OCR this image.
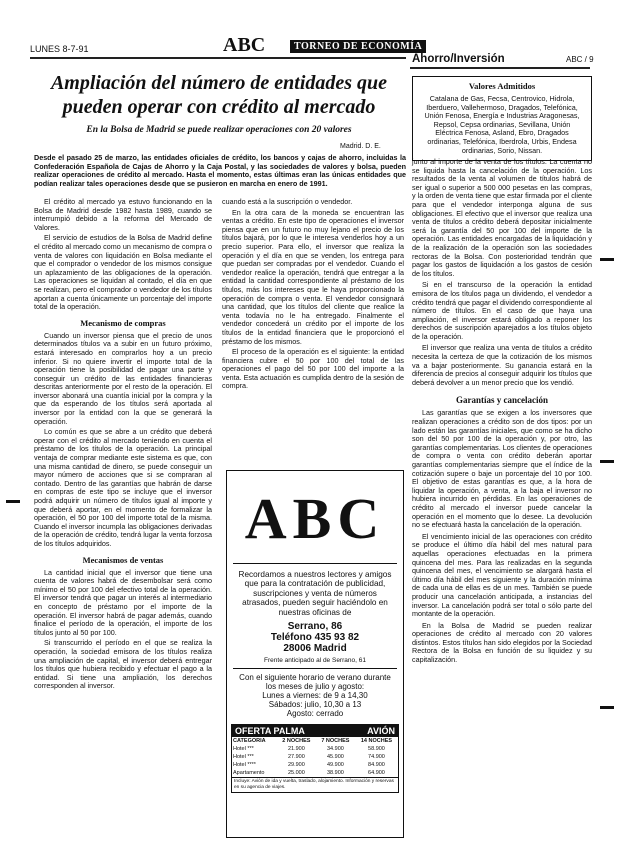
LUNES 8-7-91	ABC	TORNEO DE ECONOMÍA
Ahorro/Inversión	ABC / 9
Ampliación del número de entidades que
pueden operar con crédito al mercado
En la Bolsa de Madrid se puede realizar operaciones con 20 valores
Madrid. D. E.

Desde el pasado 25 de marzo, las entidades oficiales de crédito, los bancos y cajas de ahorro, incluidas la Confederación Española de Cajas de Ahorro y la Caja Postal, y las sociedades de valores y bolsa, pueden realizar operaciones de crédito al mercado. Hasta el momento, estas últimas eran las únicas entidades que podían realizar tales operaciones desde que se pusieron en marcha en enero de 1991.

El crédito al mercado ya estuvo funcionando en la Bolsa de Madrid desde 1982 hasta 1989, cuando se interrumpió debido a la reforma del Mercado de Valores.

El servicio de estudios de la Bolsa de Madrid define el crédito al mercado como un mecanismo de compra o venta de valores con liquidación en Bolsa mediante el que el comprador o vendedor de los mismos consigue un aplazamiento de las obligaciones de la operación. Las operaciones se liquidan al contado, el día en que se realizan, pero el comprador o vendedor de los títulos aportan a cuenta únicamente un porcentaje del importe total de la operación.

Mecanismo de compras

Cuando un inversor piensa que el precio de unos determinados títulos va a subir en un futuro próximo, estará interesado en comprarlos hoy a un precio inferior. Si no quiere invertir el importe total de la operación tiene la posibilidad de pagar una parte y conseguir un crédito de las entidades financieras descritas anteriormente por el resto de la operación. El inversor abonará una cuantía inicial por la compra y la que da esperando de los títulos será aportada al inversor por la entidad con la que se generará la operación.

Lo común es que se abre a un crédito que deberá operar con el crédito al mercado teniendo en cuenta el préstamo de los títulos de la operación. La principal ventaja de comprar mediante este sistema es que, con una misma cantidad de dinero, se puede conseguir un mayor número de acciones que si se compraran al contado. Dentro de las garantías que habrán de darse en compras de este tipo se incluye que el inversor podrá adquirir un número de títulos igual al importe y que deberá aportar, en el momento de formalizar la operación, el 50 por 100 del importe total de la misma. Cuando el inversor incumpla las obligaciones derivadas de la operación de crédito, tendrá lugar la venta forzosa de los títulos adquiridos.

Mecanismos de ventas

La cantidad inicial que el inversor que tiene una cuenta de valores habrá de desembolsar será como mínimo el 50 por 100 del efectivo total de la operación. El inversor tendrá que pagar un interés al intermediario en concepto de préstamo por el importe de la operación. El inversor habrá de pagar además, cuando finalice el período de la operación, el importe de los títulos junto al 50 por 100.

Si transcurrido el período en el que se realiza la operación, la sociedad emisora de los títulos realiza una ampliación de capital, el inversor deberá entregar los títulos que hubiera recibido y efectuar el pago a la entidad. Si tiene una ampliación, los derechos corresponden al inversor.

cuando está a la suscripción o vendedor.

En la otra cara de la moneda se encuentran las ventas a crédito. En este tipo de operaciones el inversor piensa que en un futuro no muy lejano el precio de los títulos bajará, por lo que le interesa venderlos hoy a un precio superior. Para ello, el inversor que realiza la operación y el día en que se venden, los entrega para que puedan ser compradas por el vendedor. Cuando el vendedor realice la operación, tendrá que entregar a la entidad la cantidad correspondiente al préstamo de los títulos, más los intereses que le haya proporcionado la operación de compra o venta. El vendedor consignará una cantidad, que los títulos del cliente que realice la venta todavía no le ha entregado. Finalmente el vendedor concederá un crédito por el importe de los títulos de la entidad financiera que le proporcionó el préstamo de los mismos.

El proceso de la operación es el siguiente: la entidad financiera cubre el 50 por 100 del total de las operaciones el pago del 50 por 100 del importe a la venta. Esta actuación es cumplida dentro de la sesión de compra.

ABC

Recordamos a nuestros lectores y amigos que para la contratación de publicidad, suscripciones y venta de números atrasados, pueden seguir haciéndolo en nuestras oficinas de

Serrano, 86
Teléfono 435 93 82
28006 Madrid
Frente anticipado al de Serrano, 61

Con el siguiente horario de verano durante los meses de julio y agosto:

Lunes a viernes: de 9 a 14,30
Sábados: julio, 10,30 a 13
Agosto: cerrado
OFERTA PALMA	AVIÓN
CATEGORIA	2 NOCHES	7 NOCHES	14 NOCHES
Hotel ***	21.900	34.900	58.900
Hotel ***	27.900	45.900	74.900
Hotel ****	29.900	49.900	84.900
Apartamento	25.000	38.900	64.900
Incluye: Avión de ida y vuelta, traslado, alojamiento. Información y reservas en su agencia de viajes.
Valores Admitidos

Catalana de Gas, Fecsa, Centrovico, Hidrola, Iberduero, Vallehermoso, Dragados, Telefónica, Unión Fenosa, Energía e Industrias Aragonesas, Repsol, Cepsa ordinarias, Sevillana, Unión Eléctrica Fenosa, Asland, Ebro, Dragados ordinarias, Telefónica, Iberdrola, Urbis, Endesa ordinarias, Sorio, Nissan.

junto al importe de la venta de los títulos. La cuenta no se liquida hasta la cancelación de la operación. Los resultados de la venta al volumen de títulos habrá de ser igual o superior a 500 000 pesetas en las compras, y la orden de venta tiene que estar firmada por el cliente para que el vendedor interponga alguna de sus obligaciones. El efectivo que el inversor que realiza una venta de títulos a crédito deberá depositar inicialmente será la garantía del 50 por 100 del importe de la operación. Las entidades encargadas de la liquidación y de la realización de la operación son las sociedades rectoras de la Bolsa. Con posterioridad tendrán que pagar los gastos de liquidación a los gastos de cesión de los títulos.

Si en el transcurso de la operación la entidad emisora de los títulos paga un dividendo, el vendedor a crédito tendrá que pagar el dividendo correspondiente al número de títulos. En el caso de que haya una ampliación, el inversor estará obligado a reponer los derechos de suscripción aparejados a los títulos objeto de la operación.

El inversor que realiza una venta de títulos a crédito necesita la certeza de que la cotización de los mismos va a bajar posteriormente. Su ganancia estará en la diferencia de precios al conseguir adquirir los títulos que deberá devolver a un menor precio que los vendió.

Garantías y cancelación

Las garantías que se exigen a los inversores que realizan operaciones a crédito son de dos tipos: por un lado están las garantías iniciales, que como se ha dicho son del 50 por 100 de la operación y, por otro, las garantías complementarias. Los clientes de operaciones de compra o venta con crédito deberán aportar garantías complementarias siempre que el índice de la cotización supere o baje un porcentaje del 10 por 100. El objetivo de estas garantías es que, a la hora de liquidar la operación, a venta, a la baja el inversor no hubiera incurrido en pérdidas. En las operaciones de crédito al mercado el inversor puede cancelar la operación en el momento que lo desee. La devolución no se efectuará hasta la cancelación de la operación.

El vencimiento inicial de las operaciones con crédito se produce el último día hábil del mes natural para aquellas operaciones efectuadas en la primera quincena del mes. Para las realizadas en la segunda quincena del mes, el vencimiento se alargará hasta el último día hábil del mes siguiente y la duración mínima de cada una de ellas es de un mes. También se puede producir una cancelación anticipada, a instancias del inversor. La cancelación podrá ser total o sólo parte del montante de la operación.

En la Bolsa de Madrid se pueden realizar operaciones de crédito al mercado con 20 valores distintos. Estos títulos han sido elegidos por la Sociedad Rectora de la Bolsa en función de su liquidez y su capitalización.
